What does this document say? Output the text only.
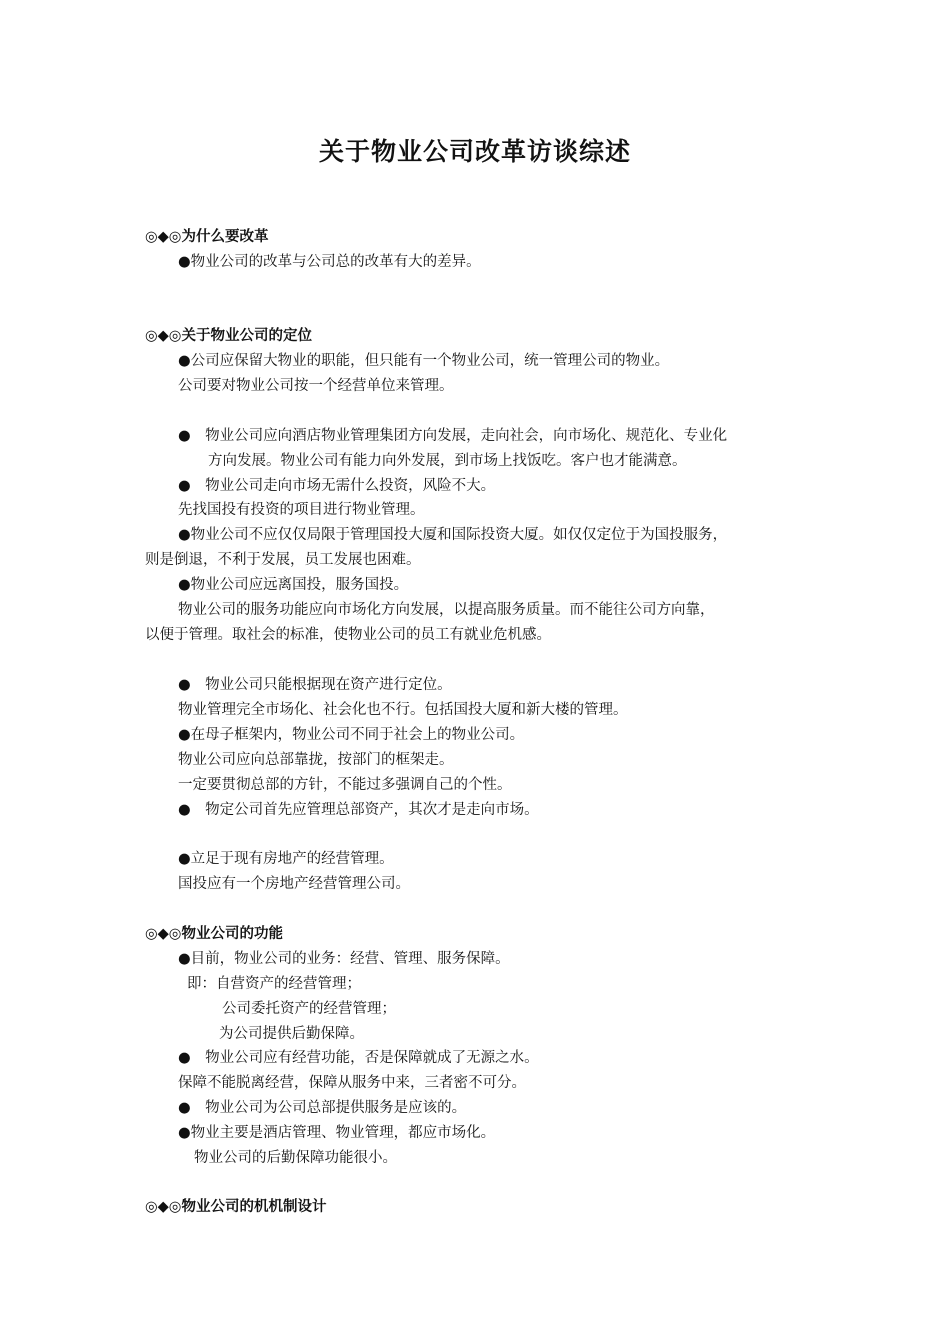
关于物业公司改革访谈综述
◎◆◎为什么要改革
●物业公司的改革与公司总的改革有大的差异。
◎◆◎关于物业公司的定位
●公司应保留大物业的职能，但只能有一个物业公司，统一管理公司的物业。
公司要对物业公司按一个经营单位来管理。
●　物业公司应向酒店物业管理集团方向发展，走向社会，向市场化、规范化、专业化
方向发展。物业公司有能力向外发展，到市场上找饭吃。客户也才能满意。
●　物业公司走向市场无需什么投资，风险不大。
先找国投有投资的项目进行物业管理。
●物业公司不应仅仅局限于管理国投大厦和国际投资大厦。如仅仅定位于为国投服务，
则是倒退，不利于发展，员工发展也困难。
●物业公司应远离国投，服务国投。
物业公司的服务功能应向市场化方向发展，以提高服务质量。而不能往公司方向靠，
以便于管理。取社会的标准，使物业公司的员工有就业危机感。
●　物业公司只能根据现在资产进行定位。
物业管理完全市场化、社会化也不行。包括国投大厦和新大楼的管理。
●在母子框架内，物业公司不同于社会上的物业公司。
物业公司应向总部靠拢，按部门的框架走。
一定要贯彻总部的方针，不能过多强调自己的个性。
●　物定公司首先应管理总部资产，其次才是走向市场。
●立足于现有房地产的经营管理。
国投应有一个房地产经营管理公司。
◎◆◎物业公司的功能
●目前，物业公司的业务：经营、管理、服务保障。
即：自营资产的经营管理；
公司委托资产的经营管理；
为公司提供后勤保障。
●　物业公司应有经营功能，否是保障就成了无源之水。
保障不能脱离经营，保障从服务中来，三者密不可分。
●　物业公司为公司总部提供服务是应该的。
●物业主要是酒店管理、物业管理，都应市场化。
物业公司的后勤保障功能很小。
◎◆◎物业公司的机机制设计
